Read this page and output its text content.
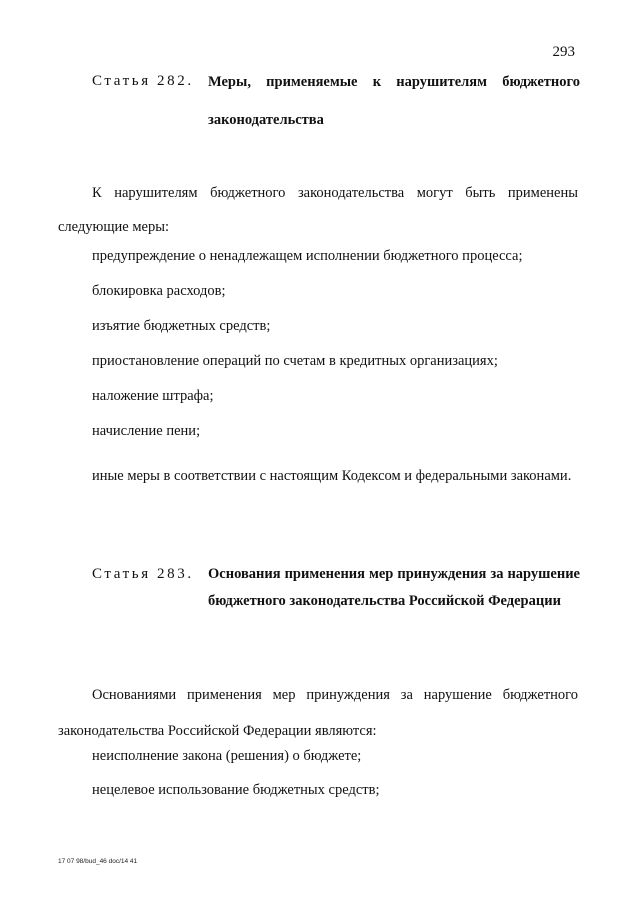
293
Статья 282. Меры, применяемые к нарушителям бюджетного законодательства
К нарушителям бюджетного законодательства могут быть применены следующие меры:
предупреждение о ненадлежащем исполнении бюджетного процесса;
блокировка расходов;
изъятие бюджетных средств;
приостановление операций по счетам в кредитных организациях;
наложение штрафа;
начисление пени;
иные меры в соответствии с настоящим Кодексом и федеральными законами.
Статья 283. Основания применения мер принуждения за нарушение бюджетного законодательства Российской Федерации
Основаниями применения мер принуждения за нарушение бюджетного законодательства Российской Федерации являются:
неисполнение закона (решения) о бюджете;
нецелевое использование бюджетных средств;
17 07 98/bud_46 doc/14 41
